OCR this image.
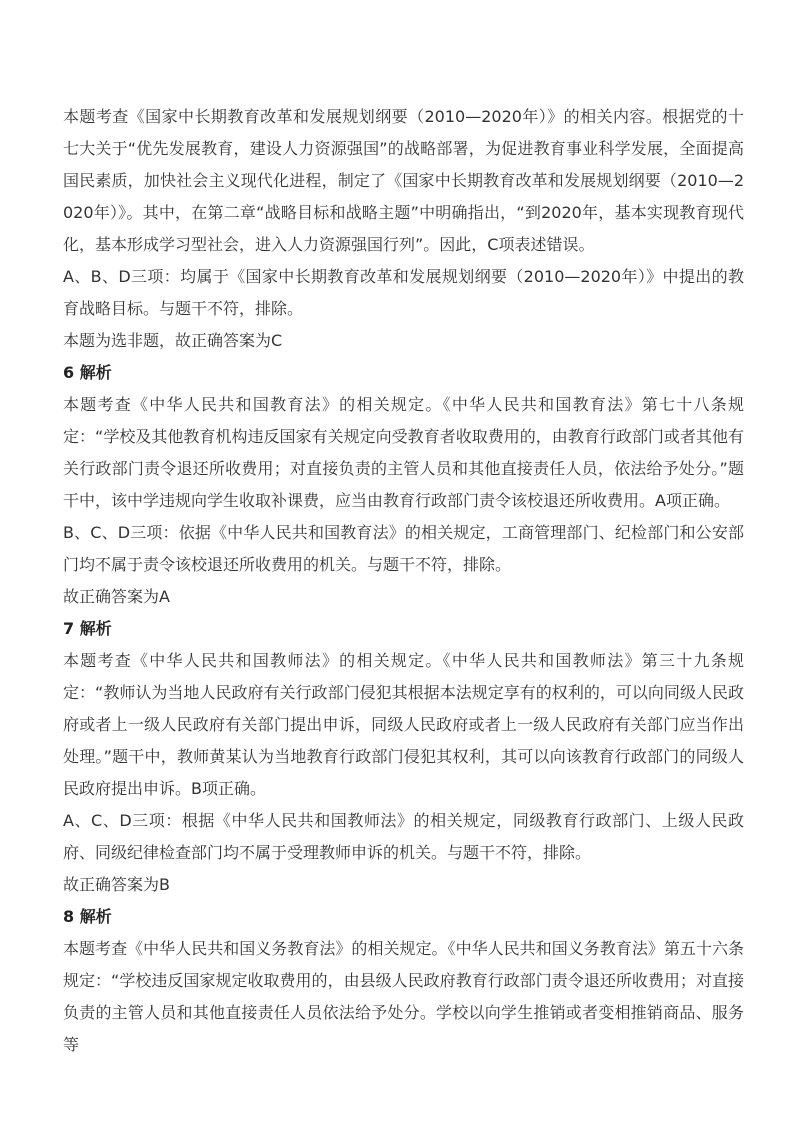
本题考查《国家中长期教育改革和发展规划纲要（2010—2020年）》的相关内容。根据党的十七大关于“优先发展教育，建设人力资源强国”的战略部署，为促进教育事业科学发展，全面提高国民素质，加快社会主义现代化进程，制定了《国家中长期教育改革和发展规划纲要（2010—2020年）》。其中，在第二章“战略目标和战略主题”中明确指出，“到2020年，基本实现教育现代化，基本形成学习型社会，进入人力资源强国行列”。因此，C项表述错误。

A、B、D三项：均属于《国家中长期教育改革和发展规划纲要（2010—2020年）》中提出的教育战略目标。与题干不符，排除。

本题为选非题，故正确答案为C

6 解析

本题考查《中华人民共和国教育法》的相关规定。《中华人民共和国教育法》第七十八条规定：“学校及其他教育机构违反国家有关规定向受教育者收取费用的，由教育行政部门或者其他有关行政部门责令退还所收费用；对直接负责的主管人员和其他直接责任人员，依法给予处分。”题干中，该中学违规向学生收取补课费，应当由教育行政部门责令该校退还所收费用。A项正确。

B、C、D三项：依据《中华人民共和国教育法》的相关规定，工商管理部门、纪检部门和公安部门均不属于责令该校退还所收费用的机关。与题干不符，排除。

故正确答案为A

7 解析

本题考查《中华人民共和国教师法》的相关规定。《中华人民共和国教师法》第三十九条规定：“教师认为当地人民政府有关行政部门侵犯其根据本法规定享有的权利的，可以向同级人民政府或者上一级人民政府有关部门提出申诉，同级人民政府或者上一级人民政府有关部门应当作出处理。”题干中，教师黄某认为当地教育行政部门侵犯其权利，其可以向该教育行政部门的同级人民政府提出申诉。B项正确。

A、C、D三项：根据《中华人民共和国教师法》的相关规定，同级教育行政部门、上级人民政府、同级纪律检查部门均不属于受理教师申诉的机关。与题干不符，排除。

故正确答案为B

8 解析

本题考查《中华人民共和国义务教育法》的相关规定。《中华人民共和国义务教育法》第五十六条规定：“学校违反国家规定收取费用的，由县级人民政府教育行政部门责令退还所收费用；对直接负责的主管人员和其他直接责任人员依法给予处分。学校以向学生推销或者变相推销商品、服务等
